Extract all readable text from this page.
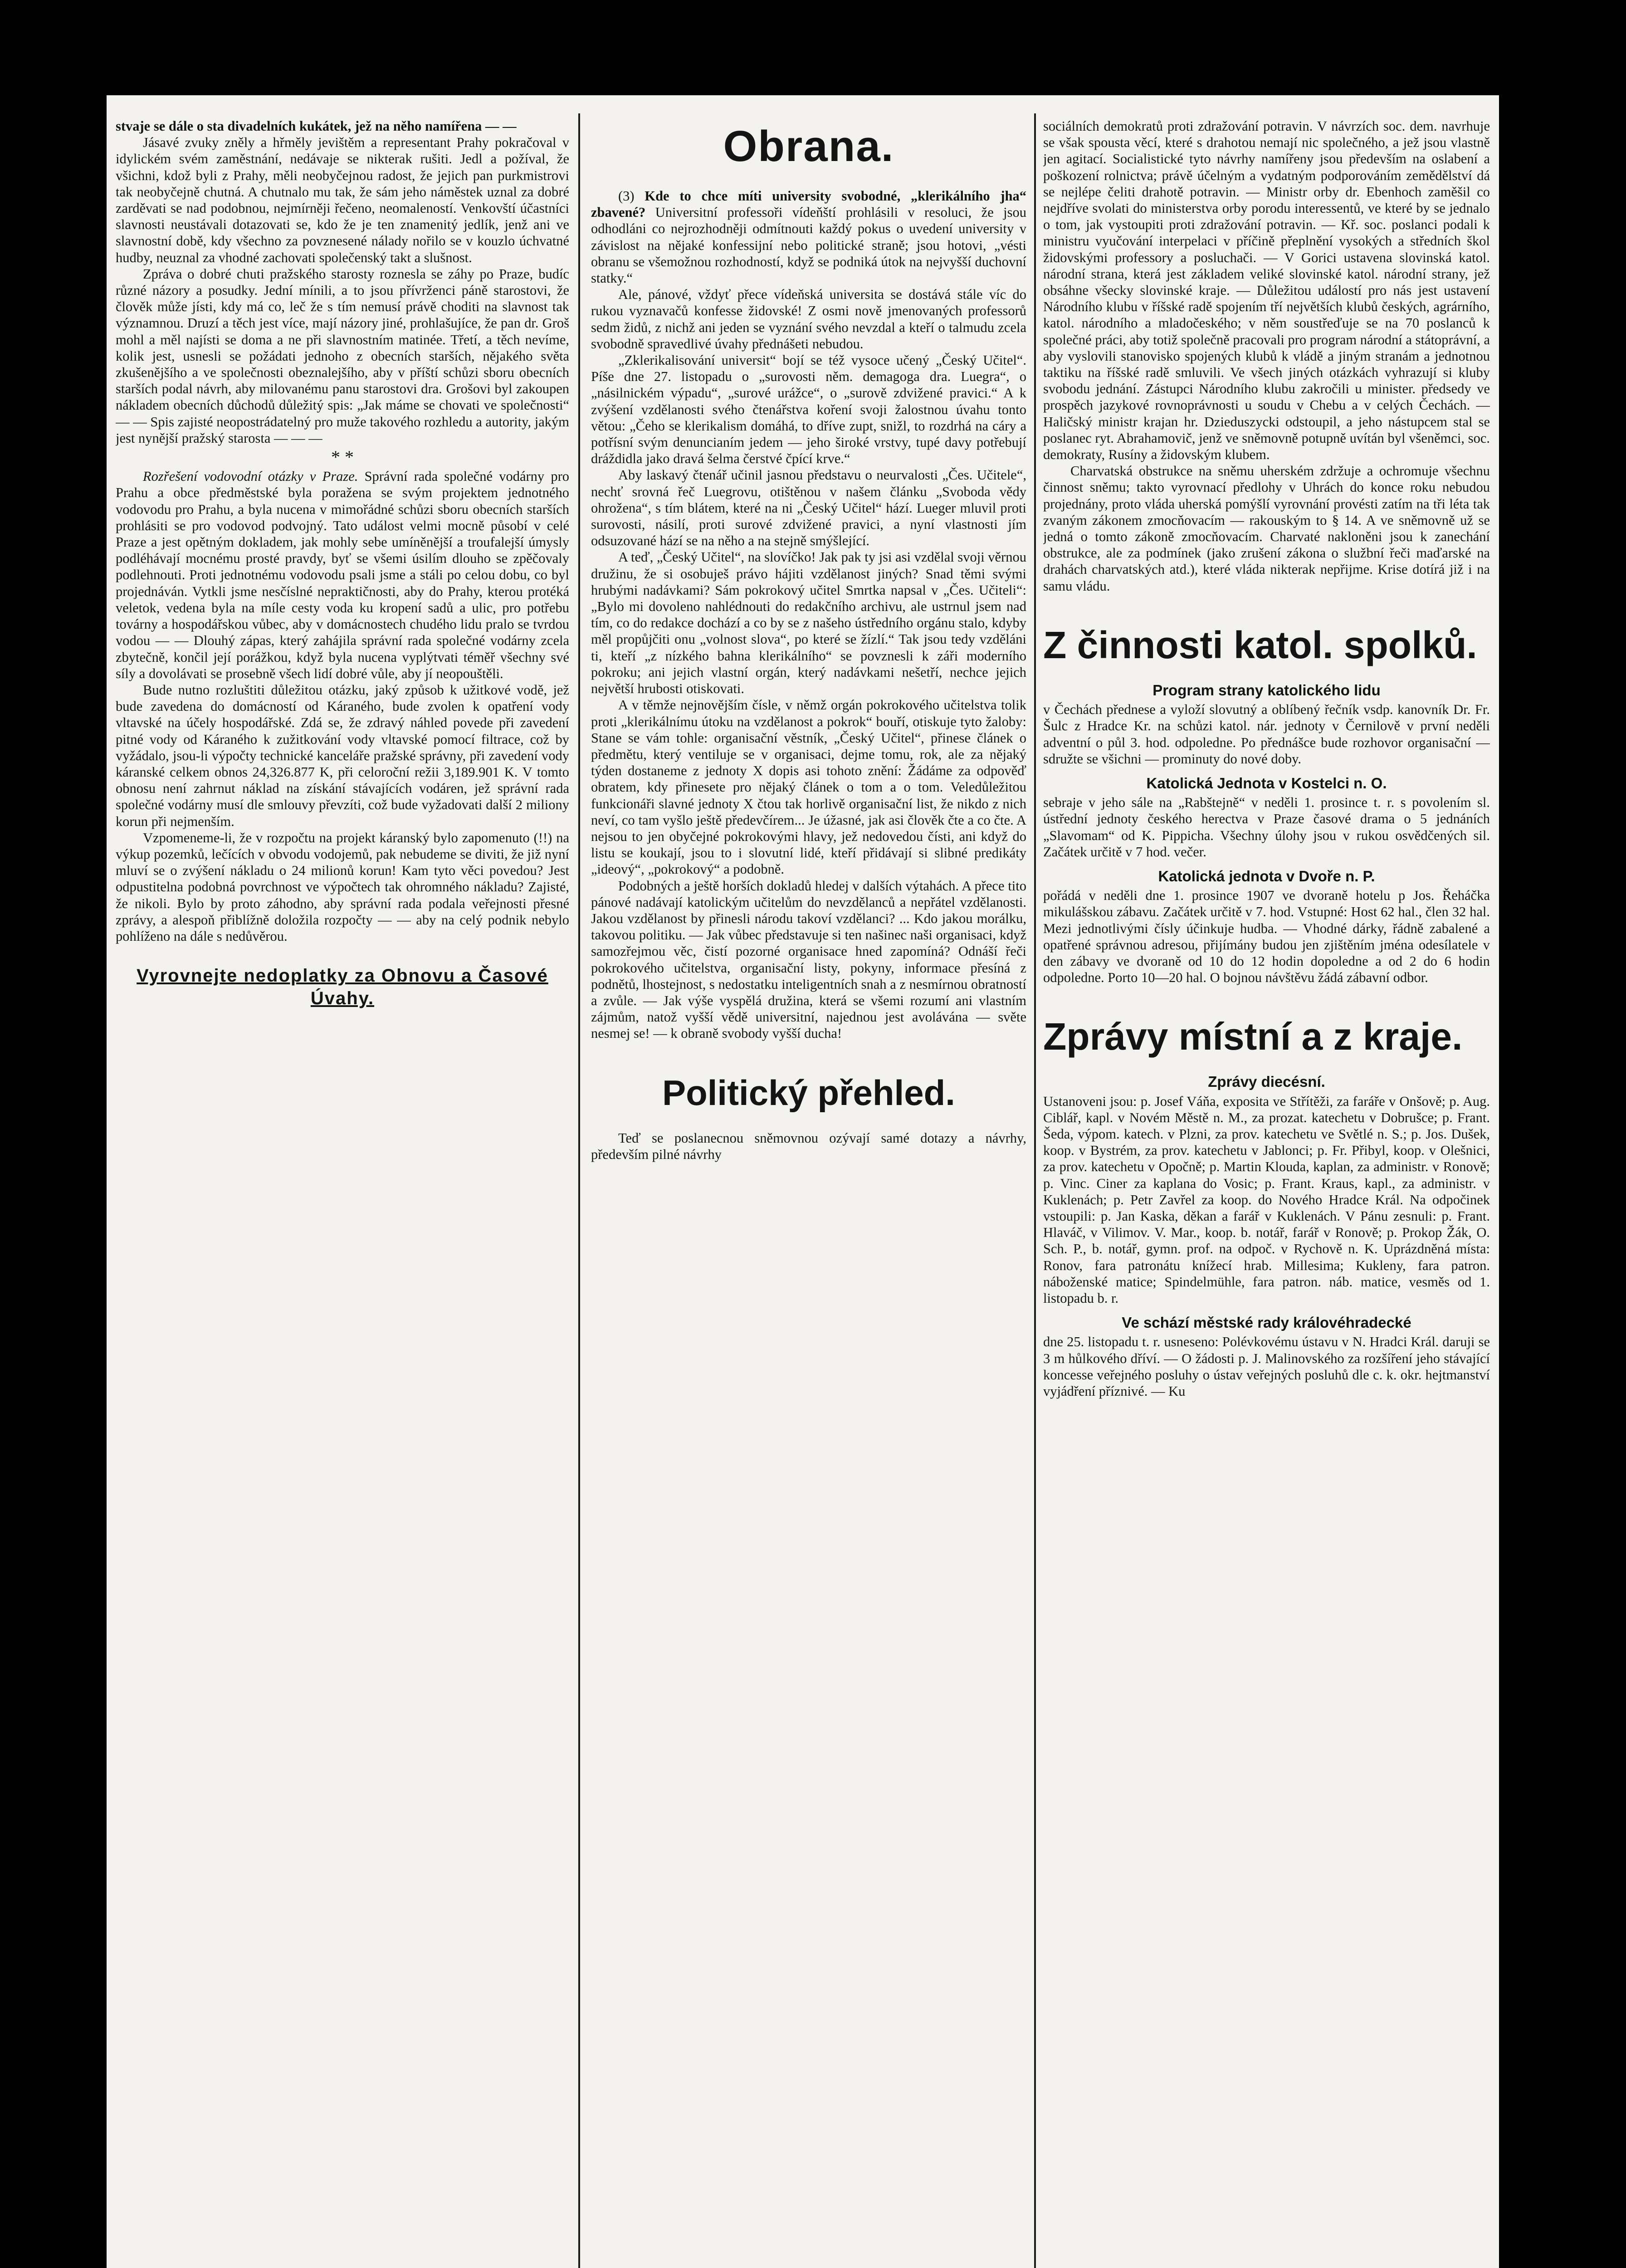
stvaje se dále o sta divadelních kukátek, jež na něho namířena — —

Jásavé zvuky zněly a hřměly jevištěm a representant Prahy pokračoval v idylickém svém zaměstnání, nedávaje se nikterak rušiti. Jedl a požíval, že všichni, kdož byli z Prahy, měli neobyčejnou radost, že jejich pan purkmistrovi tak neobyčejně chutná. A chutnalo mu tak, že sám jeho náměstek uznal za dobré zarděvati se nad podobnou, nejmírněji řečeno, neomaleností. Venkovští účastníci slavnosti neustávali dotazovati se, kdo že je ten znamenitý jedlík, jenž ani ve slavnostní době, kdy všechno za povznesené nálady nořilo se v kouzlo úchvatné hudby, neuznal za vhodné zachovati společenský takt a slušnost.

Zpráva o dobré chuti pražského starosty roznesla se záhy po Praze, budíc různé názory a posudky. Jední mínili, a to jsou přívrženci páně starostovi, že člověk může jísti, kdy má co, leč že s tím nemusí právě choditi na slavnost tak významnou. Druzí a těch jest více, mají názory jiné, prohlašujíce, že pan dr. Groš mohl a měl najísti se doma a ne při slavnostním matinée. Třetí, a těch nevíme, kolik jest, usnesli se požádati jednoho z obecních starších, nějakého světa zkušenějšího a ve společnosti obeznalejšího, aby v příští schůzi sboru obecních starších podal návrh, aby milovanému panu starostovi dra. Grošovi byl zakoupen nákladem obecních důchodů důležitý spis: „Jak máme se chovati ve společnosti“ — — Spis zajisté neopostrádatelný pro muže takového rozhledu a autority, jakým jest nynější pražský starosta — — —

* *

Rozřešení vodovodní otázky v Praze. Správní rada společné vodárny pro Prahu a obce předměstské byla poražena se svým projektem jednotného vodovodu pro Prahu, a byla nucena v mimořádné schůzi sboru obecních starších prohlásiti se pro vodovod podvojný. Tato událost velmi mocně působí v celé Praze a jest opětným dokladem, jak mohly sebe umíněnější a troufalejší úmysly podléhávají mocnému prosté pravdy, byť se všemi úsilím dlouho se zpěčovaly podlehnouti. Proti jednotnému vodovodu psali jsme a stáli po celou dobu, co byl projednáván. Vytkli jsme nesčíslné nepraktičnosti, aby do Prahy, kterou protéká veletok, vedena byla na míle cesty voda ku kropení sadů a ulic, pro potřebu továrny a hospodářskou vůbec, aby v domácnostech chudého lidu pralo se tvrdou vodou — — Dlouhý zápas, který zahájila správní rada společné vodárny zcela zbytečně, končil její porážkou, když byla nucena vyplýtvati téměř všechny své síly a dovolávati se prosebně všech lidí dobré vůle, aby jí neopouštěli.

Bude nutno rozluštiti důležitou otázku, jaký způsob k užitkové vodě, jež bude zavedena do domácností od Káraného, bude zvolen k opatření vody vltavské na účely hospodářské. Zdá se, že zdravý náhled povede při zavedení pitné vody od Káraného k zužitkování vody vltavské pomocí filtrace, což by vyžádalo, jsou-li výpočty technické kanceláře pražské správny, při zavedení vody káranské celkem obnos 24,326.877 K, při celoroční režii 3,189.901 K. V tomto obnosu není zahrnut náklad na získání stávajících vodáren, jež správní rada společné vodárny musí dle smlouvy převzíti, což bude vyžadovati další 2 miliony korun při nejmenším.

Vzpomeneme-li, že v rozpočtu na projekt káranský bylo zapomenuto (!!) na výkup pozemků, lečících v obvodu vodojemů, pak nebudeme se diviti, že již nyní mluví se o zvýšení nákladu o 24 milionů korun! Kam tyto věci povedou? Jest odpustitelna podobná povrchnost ve výpočtech tak ohromného nákladu? Zajisté, že nikoli. Bylo by proto záhodno, aby správní rada podala veřejnosti přesné zprávy, a alespoň přiblížně doložila rozpočty — — aby na celý podnik nebylo pohlíženo na dále s nedůvěrou.

Vyrovnejte nedoplatky za Obnovu a Časové Úvahy.
Obrana.

(3) Kde to chce míti university svobodné, „klerikálního jha“ zbavené? Universitní professoři vídeňští prohlásili v resoluci, že jsou odhodláni co nejrozhodněji odmítnouti každý pokus o uvedení university v závislost na nějaké konfessijní nebo politické straně; jsou hotovi, „vésti obranu se všemožnou rozhodností, když se podniká útok na nejvyšší duchovní statky.“

Ale, pánové, vždyť přece vídeňská universita se dostává stále víc do rukou vyznavačů konfesse židovské! Z osmi nově jmenovaných professorů sedm židů, z nichž ani jeden se vyznání svého nevzdal a kteří o talmudu zcela svobodně spravedlivé úvahy přednášeti nebudou.

„Zklerikalisování universit“ bojí se též vysoce učený „Český Učitel“. Píše dne 27. listopadu o „surovosti něm. demagoga dra. Luegra“, o „násilnickém výpadu“, „surové urážce“, o „surově zdvižené pravici.“ A k zvýšení vzdělanosti svého čtenářstva koření svoji žalostnou úvahu tonto větou: „Čeho se klerikalism domáhá, to dříve zupt, snižl, to rozdrhá na cáry a potřísní svým denuncianím jedem — jeho široké vrstvy, tupé davy potřebují dráždidla jako dravá šelma čerstvé čpící krve.“

Aby laskavý čtenář učinil jasnou představu o neurvalosti „Čes. Učitele“, nechť srovná řeč Luegrovu, otištěnou v našem článku „Svoboda vědy ohrožena“, s tím blátem, které na ni „Český Učitel“ hází. Lueger mluvil proti surovosti, násilí, proti surové zdvižené pravici, a nyní vlastnosti jím odsuzované hází se na něho a na stejně smýšlející.

A teď, „Český Učitel“, na slovíčko! Jak pak ty jsi asi vzdělal svoji věrnou družinu, že si osobuješ právo hájiti vzdělanost jiných? Snad těmi svými hrubými nadávkami? Sám pokrokový učitel Smrtka napsal v „Čes. Učiteli“: „Bylo mi dovoleno nahlédnouti do redakčního archivu, ale ustrnul jsem nad tím, co do redakce dochází a co by se z našeho ústředního orgánu stalo, kdyby měl propůjčiti onu „volnost slova“, po které se žízlí.“ Tak jsou tedy vzděláni ti, kteří „z nízkého bahna klerikálního“ se povznesli k záři moderního pokroku; ani jejich vlastní orgán, který nadávkami nešetří, nechce jejich největší hrubosti otiskovati.

A v těmže nejnovějším čísle, v němž orgán pokrokového učitelstva tolik proti „klerikálnímu útoku na vzdělanost a pokrok“ bouří, otiskuje tyto žaloby: Stane se vám tohle: organisační věstník, „Český Učitel“, přinese článek o předmětu, který ventiluje se v organisaci, dejme tomu, rok, ale za nějaký týden dostaneme z jednoty X dopis asi tohoto znění: Žádáme za odpověď obratem, kdy přinesete pro nějaký článek o tom a o tom. Veledůležitou funkcionáři slavné jednoty X čtou tak horlivě organisační list, že nikdo z nich neví, co tam vyšlo ještě předevčírem... Je úžasné, jak asi člověk čte a co čte. A nejsou to jen obyčejné pokrokovými hlavy, jež nedovedou čísti, ani když do listu se koukají, jsou to i slovutní lidé, kteří přidávají si slibné predikáty „ideový“, „pokrokový“ a podobně.

Podobných a ještě horších dokladů hledej v dalších výtahách. A přece tito pánové nadávají katolickým učitelům do nevzdělanců a nepřátel vzdělanosti. Jakou vzdělanost by přinesli národu takoví vzdělanci? ... Kdo jakou morálku, takovou politiku. — Jak vůbec představuje si ten našinec naši organisaci, když samozřejmou věc, čistí pozorné organisace hned zapomíná? Odnáší řeči pokrokového učitelstva, organisační listy, pokyny, informace přesíná z podnětů, lhostejnost, s nedostatku inteligentních snah a z nesmírnou obratností a zvůle. — Jak výše vyspělá družina, která se všemi rozumí ani vlastním zájmům, natož vyšší vědě universitní, najednou jest avolávána — světe nesmej se! — k obraně svobody vyšší ducha!

Politický přehled.

Teď se poslanecnou sněmovnou ozývají samé dotazy a návrhy, především pilné návrhy

sociálních demokratů proti zdražování potravin. V návrzích soc. dem. navrhuje se však spousta věcí, které s drahotou nemají nic společného, a jež jsou vlastně jen agitací. Socialistické tyto návrhy namířeny jsou především na oslabení a poškození rolnictva; právě účelným a vydatným podporováním zemědělství dá se nejlépe čeliti drahotě potravin. — Ministr orby dr. Ebenhoch zaměšil co nejdříve svolati do ministerstva orby porodu interessentů, ve které by se jednalo o tom, jak vystoupiti proti zdražování potravin. — Kř. soc. poslanci podali k ministru vyučování interpelaci v příčině přeplnění vysokých a středních škol židovskými professory a posluchači. — V Gorici ustavena slovinská katol. národní strana, která jest základem veliké slovinské katol. národní strany, jež obsáhne všecky slovinské kraje. — Důležitou událostí pro nás jest ustavení Národního klubu v říšské radě spojením tří největších klubů českých, agrárního, katol. národního a mladočeského; v něm soustřeďuje se na 70 poslanců k společné práci, aby totiž společně pracovali pro program národní a státoprávní, a aby vyslovili stanovisko spojených klubů k vládě a jiným stranám a jednotnou taktiku na říšské radě smluvili. Ve všech jiných otázkách vyhrazují si kluby svobodu jednání. Zástupci Národního klubu zakročili u minister. předsedy ve prospěch jazykové rovnoprávnosti u soudu v Chebu a v celých Čechách. — Haličský ministr krajan hr. Dzieduszycki odstoupil, a jeho nástupcem stal se poslanec ryt. Abrahamovič, jenž ve sněmovně potupně uvítán byl všeněmci, soc. demokraty, Rusíny a židovským klubem.

Charvatská obstrukce na sněmu uherském zdržuje a ochromuje všechnu činnost sněmu; takto vyrovnací předlohy v Uhrách do konce roku nebudou projednány, proto vláda uherská pomýšlí vyrovnání provésti zatím na tři léta tak zvaným zákonem zmocňovacím — rakouským to § 14. A ve sněmovně už se jedná o tomto zákoně zmocňovacím. Charvaté nakloněni jsou k zanechání obstrukce, ale za podmínek (jako zrušení zákona o službní řeči maďarské na drahách charvatských atd.), které vláda nikterak nepřijme. Krise dotírá již i na samu vládu.

Z činnosti katol. spolků.
Program strany katolického lidu

v Čechách přednese a vyloží slovutný a oblíbený řečník vsdp. kanovník Dr. Fr. Šulc z Hradce Kr. na schůzi katol. nár. jednoty v Černilově v první neděli adventní o půl 3. hod. odpoledne. Po přednášce bude rozhovor organisační — sdružte se všichni — prominuty do nové doby.

Katolická Jednota v Kostelci n. O.

sebraje v jeho sále na „Rabštejně“ v neděli 1. prosince t. r. s povolením sl. ústřední jednoty českého herectva v Praze časové drama o 5 jednáních „Slavomam“ od K. Pippicha. Všechny úlohy jsou v rukou osvědčených sil. Začátek určitě v 7 hod. večer.

Katolická jednota v Dvoře n. P.

pořádá v neděli dne 1. prosince 1907 ve dvoraně hotelu p Jos. Řeháčka mikulášskou zábavu. Začátek určitě v 7. hod. Vstupné: Host 62 hal., člen 32 hal. Mezi jednotlivými čísly účinkuje hudba. — Vhodné dárky, řádně zabalené a opatřené správnou adresou, přijímány budou jen zjištěním jména odesílatele v den zábavy ve dvoraně od 10 do 12 hodin dopoledne a od 2 do 6 hodin odpoledne. Porto 10—20 hal. O bojnou návštěvu žádá zábavní odbor.

Zprávy místní a z kraje.
Zprávy diecésní.

Ustanoveni jsou: p. Josef Váňa, exposita ve Střítěži, za faráře v Onšově; p. Aug. Ciblář, kapl. v Novém Městě n. M., za prozat. katechetu v Dobrušce; p. Frant. Šeda, výpom. katech. v Plzni, za prov. katechetu ve Světlé n. S.; p. Jos. Dušek, koop. v Bystrém, za prov. katechetu v Jablonci; p. Fr. Přibyl, koop. v Olešnici, za prov. katechetu v Opočně; p. Martin Klouda, kaplan, za administr. v Ronově; p. Vinc. Ciner za kaplana do Vosic; p. Frant. Kraus, kapl., za administr. v Kuklenách; p. Petr Zavřel za koop. do Nového Hradce Král. Na odpočinek vstoupili: p. Jan Kaska, děkan a farář v Kuklenách. V Pánu zesnuli: p. Frant. Hlaváč, v Vilimov. V. Mar., koop. b. notář, farář v Ronově; p. Prokop Žák, O. Sch. P., b. notář, gymn. prof. na odpoč. v Rychově n. K. Uprázdněná místa: Ronov, fara patronátu knížecí hrab. Millesima; Kukleny, fara patron. náboženské matice; Spindelmühle, fara patron. náb. matice, vesměs od 1. listopadu b. r.

Ve schází městské rady královéhradecké

dne 25. listopadu t. r. usneseno: Polévkovému ústavu v N. Hradci Král. daruji se 3 m hůlkového dříví. — O žádosti p. J. Malinovského za rozšíření jeho stávající koncesse veřejného posluhy o ústav veřejných posluhů dle c. k. okr. hejtmanství vyjádření příznivé. — Ku
